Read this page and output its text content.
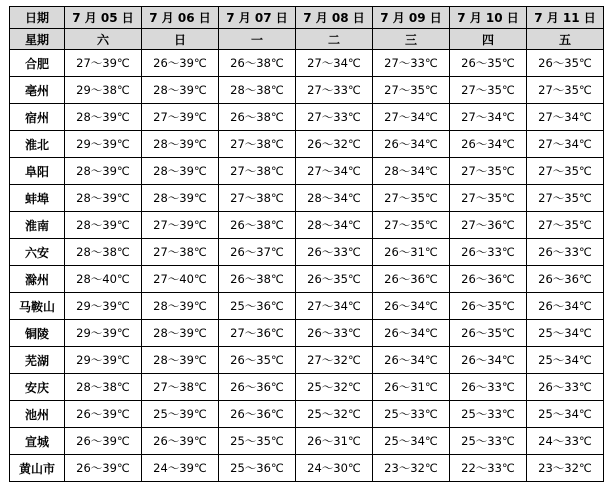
日期	7 月 05 日	7 月 06 日	7 月 07 日	7 月 08 日	7 月 09 日	7 月 10 日	7 月 11 日
星期	六	日	一	二	三	四	五
合肥	27～39℃	26～39℃	26～38℃	27～34℃	27～33℃	26～35℃	26～35℃
亳州	29～38℃	28～39℃	28～38℃	27～33℃	27～35℃	27～35℃	27～35℃
宿州	28～39℃	27～39℃	26～38℃	27～33℃	27～34℃	27～34℃	27～34℃
淮北	29～39℃	28～39℃	27～38℃	26～32℃	26～34℃	26～34℃	27～34℃
阜阳	28～39℃	28～39℃	27～38℃	27～34℃	28～34℃	27～35℃	27～35℃
蚌埠	28～39℃	28～39℃	27～38℃	28～34℃	27～35℃	27～35℃	27～35℃
淮南	28～39℃	27～39℃	26～38℃	28～34℃	27～35℃	27～36℃	27～35℃
六安	28～38℃	27～38℃	26～37℃	26～33℃	26～31℃	26～33℃	26～33℃
滁州	28～40℃	27～40℃	26～38℃	26～35℃	26～36℃	26～36℃	26～36℃
马鞍山	29～39℃	28～39℃	25～36℃	27～34℃	26～34℃	26～35℃	26～34℃
铜陵	29～39℃	28～39℃	27～36℃	26～33℃	26～34℃	26～35℃	25～34℃
芜湖	29～39℃	28～39℃	26～35℃	27～32℃	26～34℃	26～34℃	25～34℃
安庆	28～38℃	27～38℃	26～36℃	25～32℃	26～31℃	26～33℃	26～33℃
池州	26～39℃	25～39℃	26～36℃	25～32℃	25～33℃	25～33℃	25～34℃
宣城	26～39℃	26～39℃	25～35℃	26～31℃	25～34℃	25～33℃	24～33℃
黄山市	26～39℃	24～39℃	25～36℃	24～30℃	23～32℃	22～33℃	23～32℃
